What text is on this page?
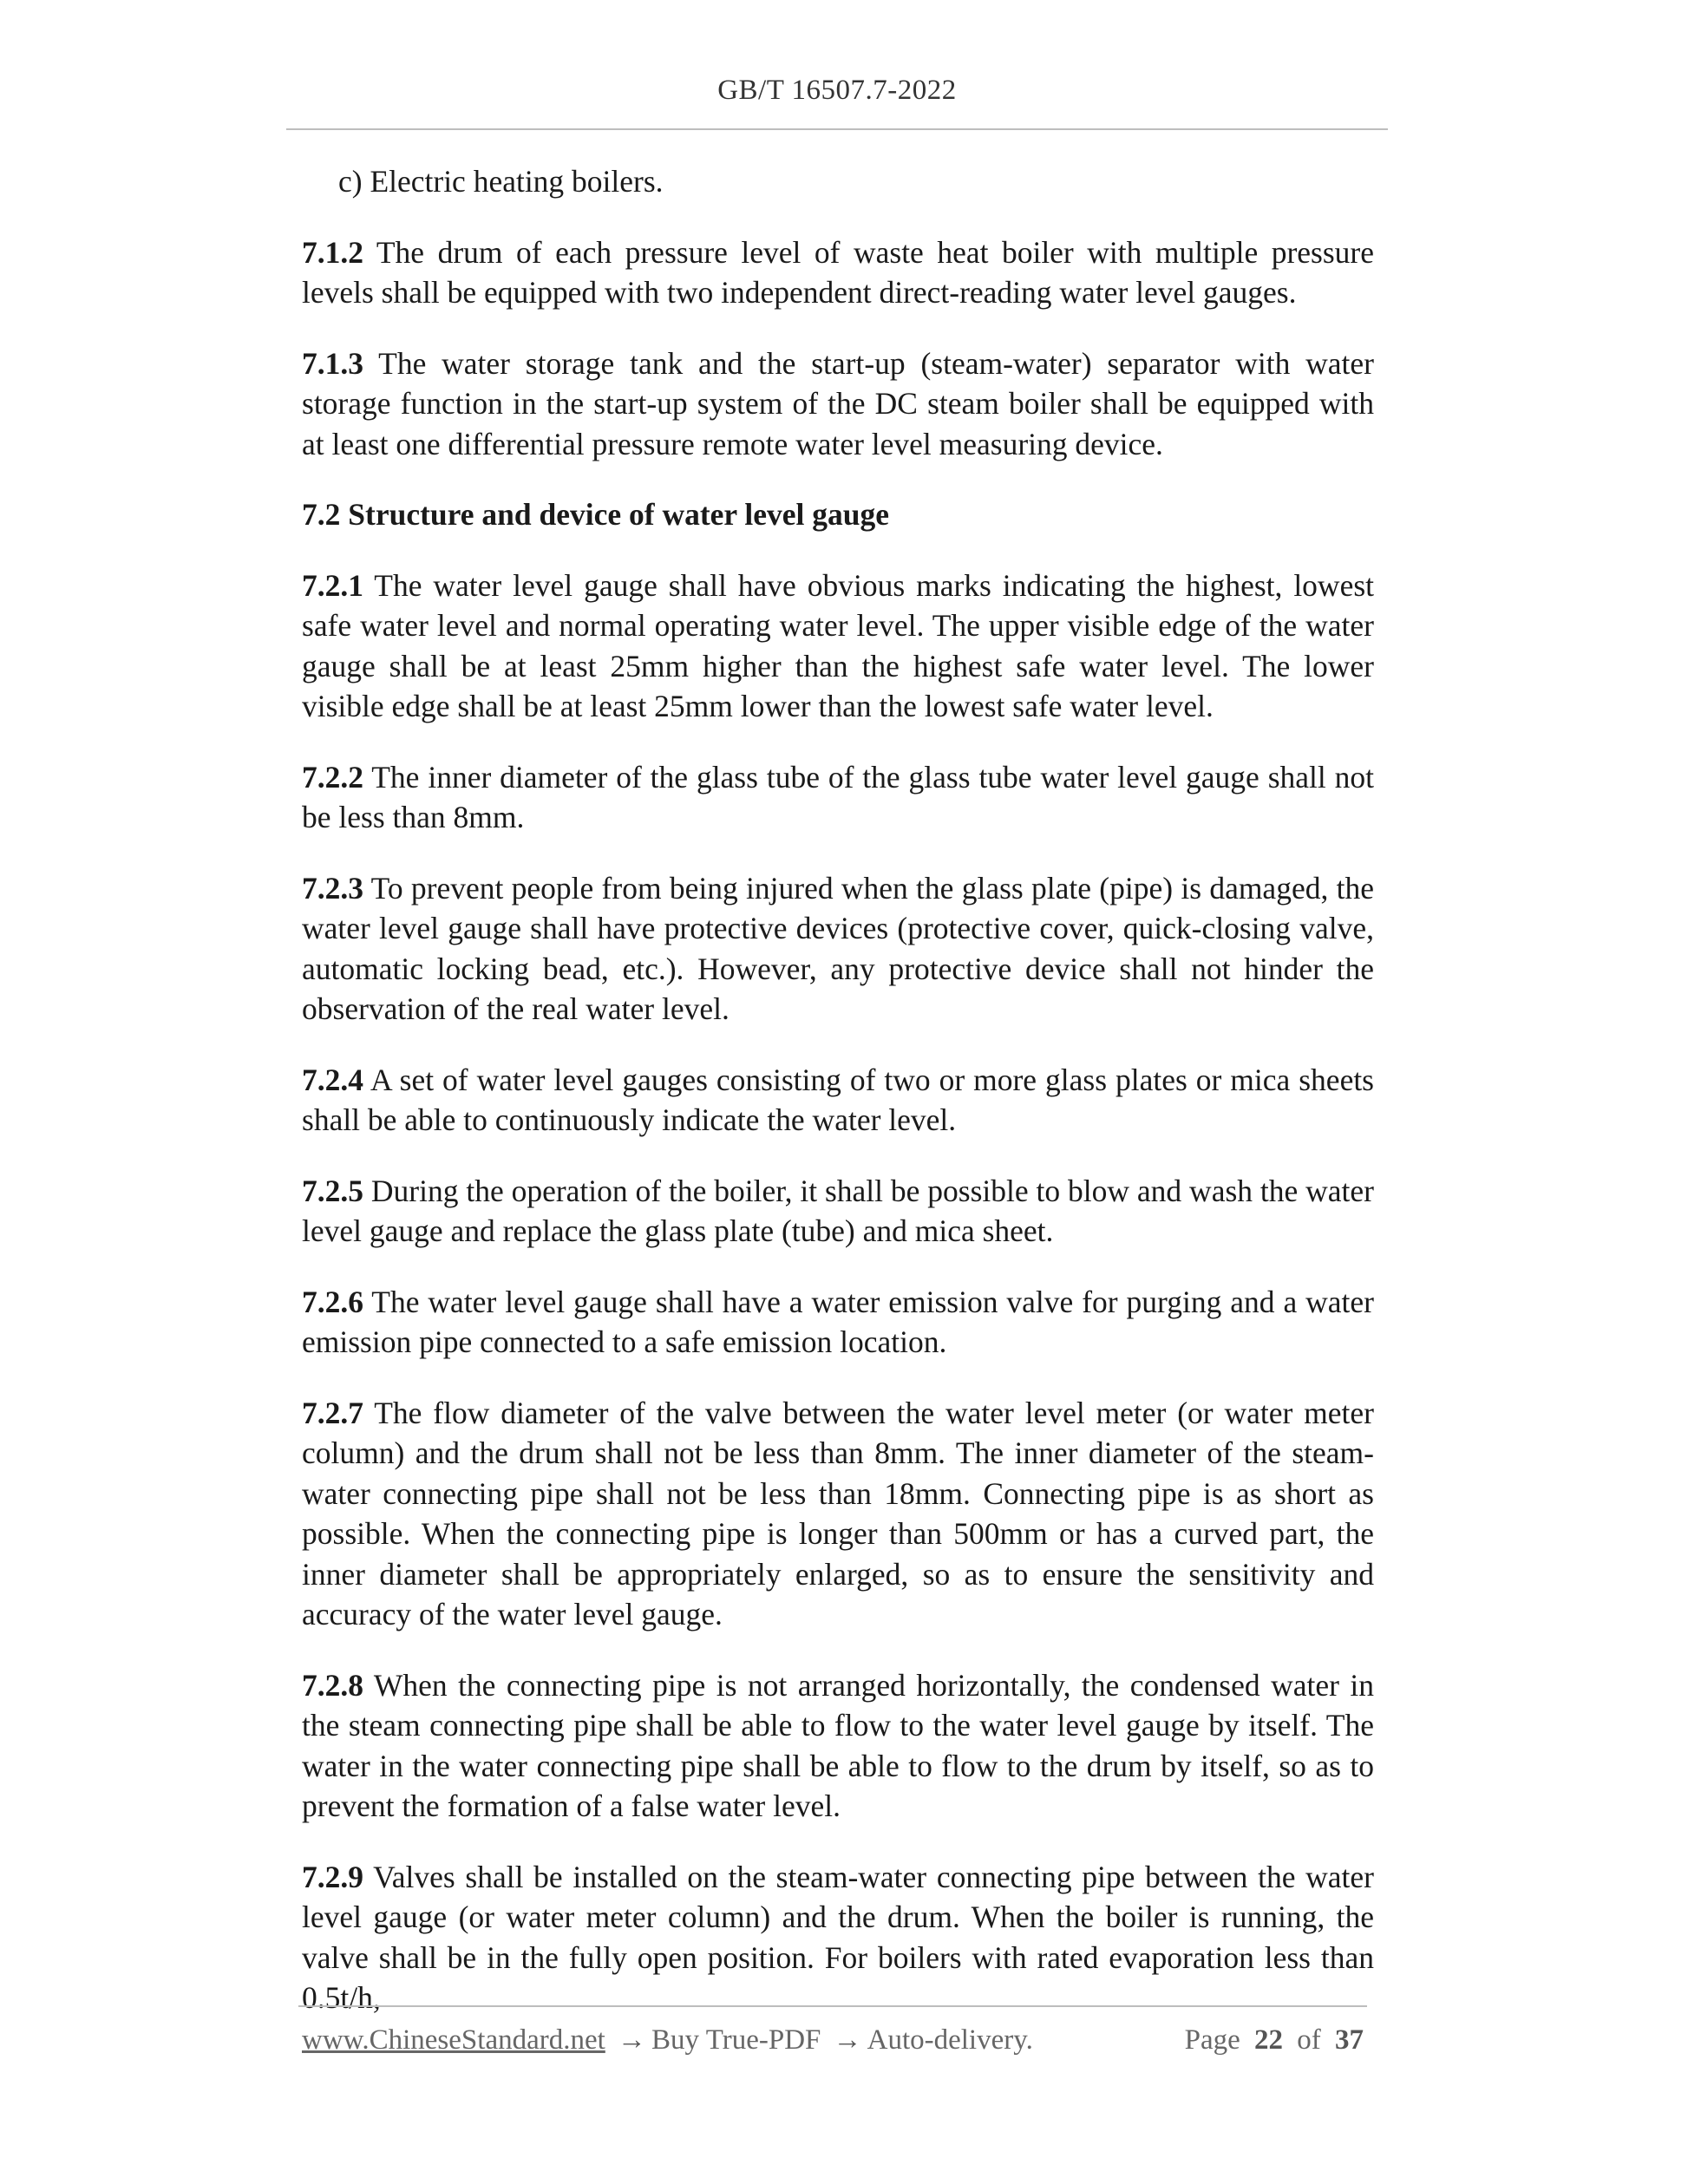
GB/T 16507.7-2022

c) Electric heating boilers.

7.1.2 The drum of each pressure level of waste heat boiler with multiple pressure levels shall be equipped with two independent direct-reading water level gauges.

7.1.3 The water storage tank and the start-up (steam-water) separator with water storage function in the start-up system of the DC steam boiler shall be equipped with at least one differential pressure remote water level measuring device.

7.2 Structure and device of water level gauge

7.2.1 The water level gauge shall have obvious marks indicating the highest, lowest safe water level and normal operating water level. The upper visible edge of the water gauge shall be at least 25mm higher than the highest safe water level. The lower visible edge shall be at least 25mm lower than the lowest safe water level.

7.2.2 The inner diameter of the glass tube of the glass tube water level gauge shall not be less than 8mm.

7.2.3 To prevent people from being injured when the glass plate (pipe) is damaged, the water level gauge shall have protective devices (protective cover, quick-closing valve, automatic locking bead, etc.). However, any protective device shall not hinder the observation of the real water level.

7.2.4 A set of water level gauges consisting of two or more glass plates or mica sheets shall be able to continuously indicate the water level.

7.2.5 During the operation of the boiler, it shall be possible to blow and wash the water level gauge and replace the glass plate (tube) and mica sheet.

7.2.6 The water level gauge shall have a water emission valve for purging and a water emission pipe connected to a safe emission location.

7.2.7 The flow diameter of the valve between the water level meter (or water meter column) and the drum shall not be less than 8mm. The inner diameter of the steam-water connecting pipe shall not be less than 18mm. Connecting pipe is as short as possible. When the connecting pipe is longer than 500mm or has a curved part, the inner diameter shall be appropriately enlarged, so as to ensure the sensitivity and accuracy of the water level gauge.

7.2.8 When the connecting pipe is not arranged horizontally, the condensed water in the steam connecting pipe shall be able to flow to the water level gauge by itself. The water in the water connecting pipe shall be able to flow to the drum by itself, so as to prevent the formation of a false water level.

7.2.9 Valves shall be installed on the steam-water connecting pipe between the water level gauge (or water meter column) and the drum. When the boiler is running, the valve shall be in the fully open position. For boilers with rated evaporation less than 0.5t/h,

www.ChineseStandard.net → Buy True-PDF → Auto-delivery.	Page 22 of 37
